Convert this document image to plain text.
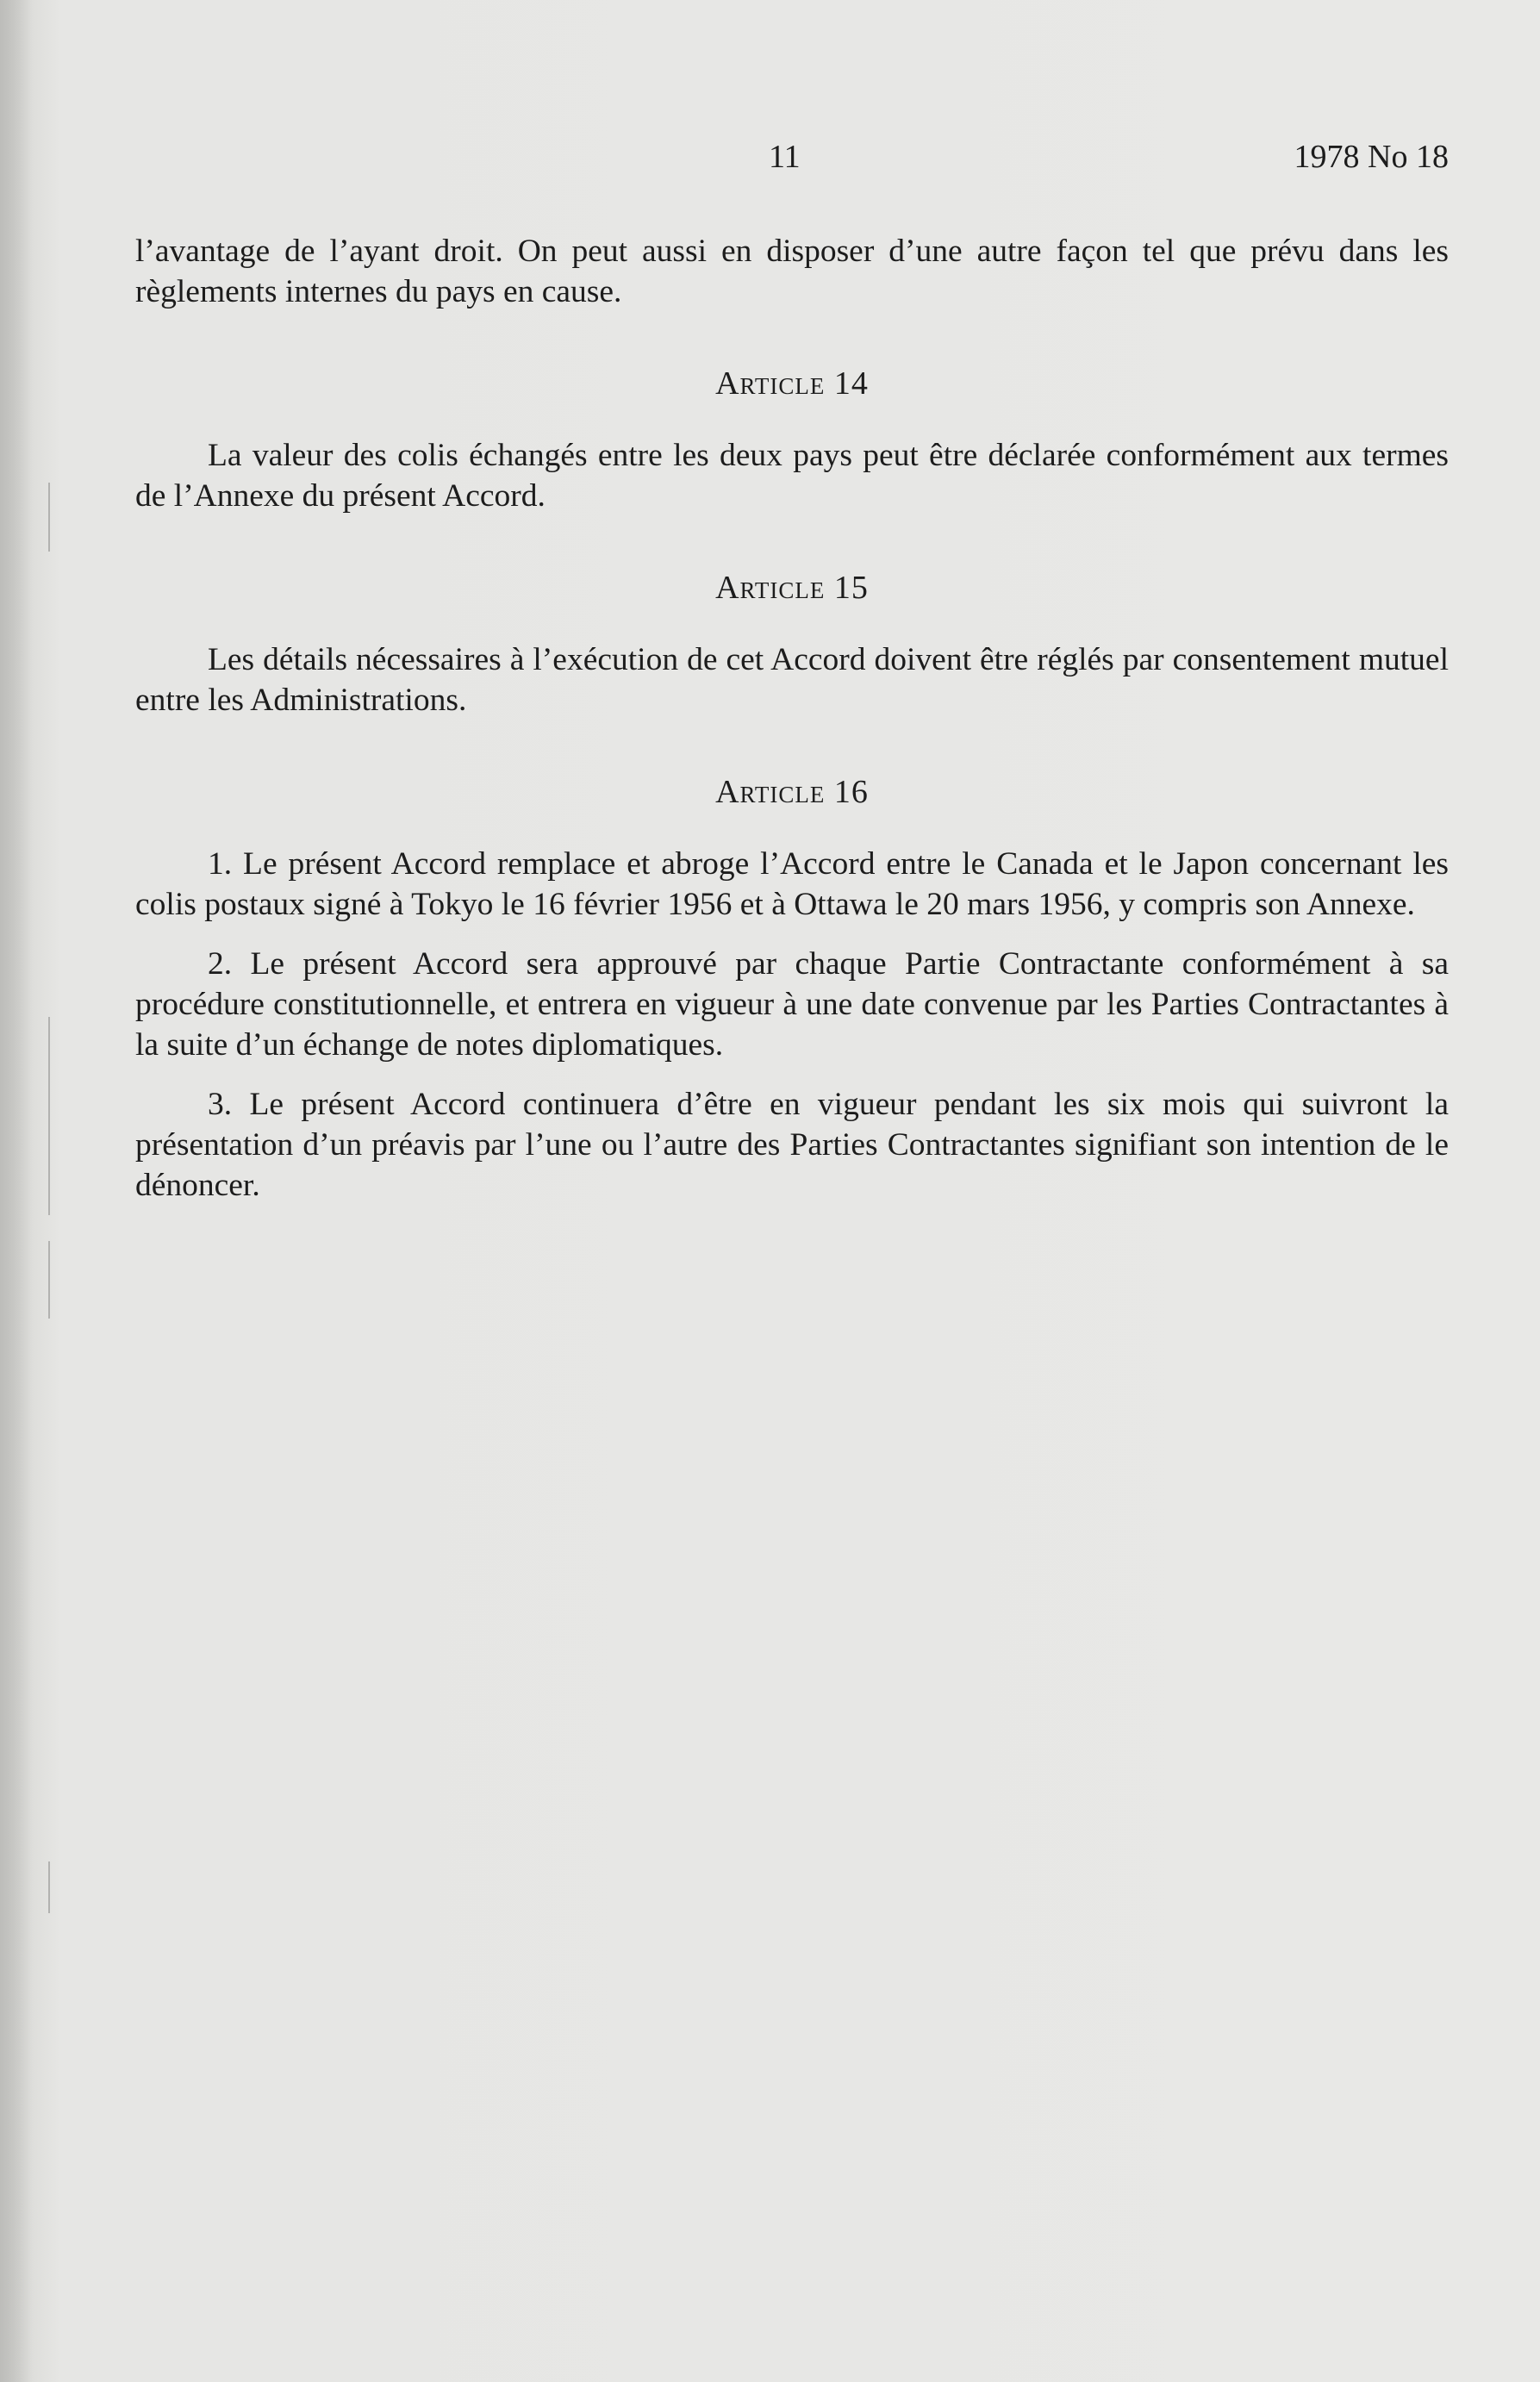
11	1978 No 18

l’avantage de l’ayant droit. On peut aussi en disposer d’une autre façon tel que prévu dans les règlements internes du pays en cause.

Article 14

La valeur des colis échangés entre les deux pays peut être déclarée conformément aux termes de l’Annexe du présent Accord.

Article 15

Les détails nécessaires à l’exécution de cet Accord doivent être réglés par consentement mutuel entre les Administrations.

Article 16

1. Le présent Accord remplace et abroge l’Accord entre le Canada et le Japon concernant les colis postaux signé à Tokyo le 16 février 1956 et à Ottawa le 20 mars 1956, y compris son Annexe.

2. Le présent Accord sera approuvé par chaque Partie Contractante conformément à sa procédure constitutionnelle, et entrera en vigueur à une date convenue par les Parties Contractantes à la suite d’un échange de notes diplomatiques.

3. Le présent Accord continuera d’être en vigueur pendant les six mois qui suivront la présentation d’un préavis par l’une ou l’autre des Parties Contractantes signifiant son intention de le dénoncer.
